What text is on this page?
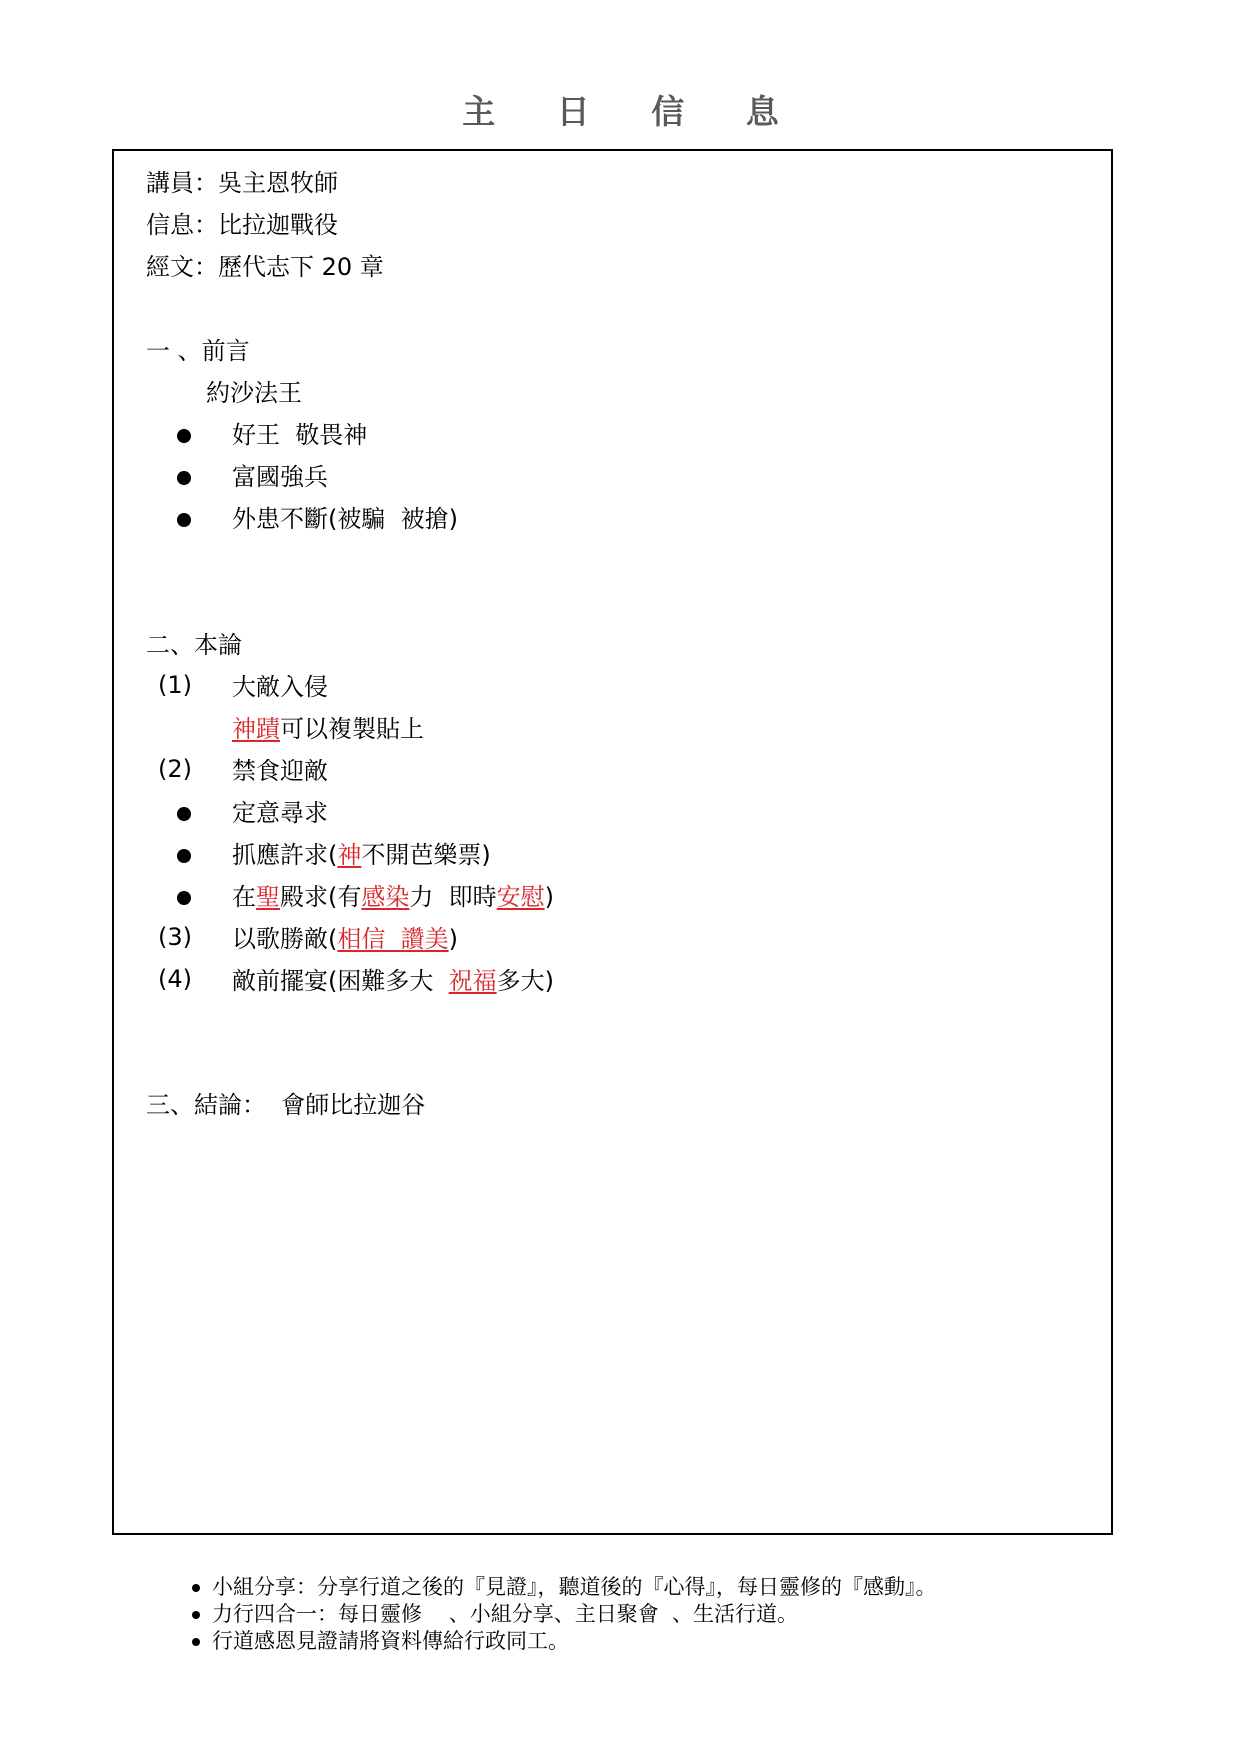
主 日 信 息
講員：吳主恩牧師
信息：比拉迦戰役
經文：歷代志下 20 章
一 、前言
約沙法王
好王  敬畏神
富國強兵
外患不斷(被騙  被搶)
二、本論
(1) 大敵入侵
神蹟可以複製貼上
(2) 禁食迎敵
定意尋求
抓應許求(神不開芭樂票)
在聖殿求(有感染力  即時安慰)
(3) 以歌勝敵(相信  讚美)
(4) 敵前擺宴(困難多大  祝福多大)
三、結論：  會師比拉迦谷
小組分享：分享行道之後的『見證』，聽道後的『心得』，每日靈修的『感動』。
力行四合一：每日靈修    、小組分享、主日聚會  、生活行道。
行道感恩見證請將資料傳給行政同工。
